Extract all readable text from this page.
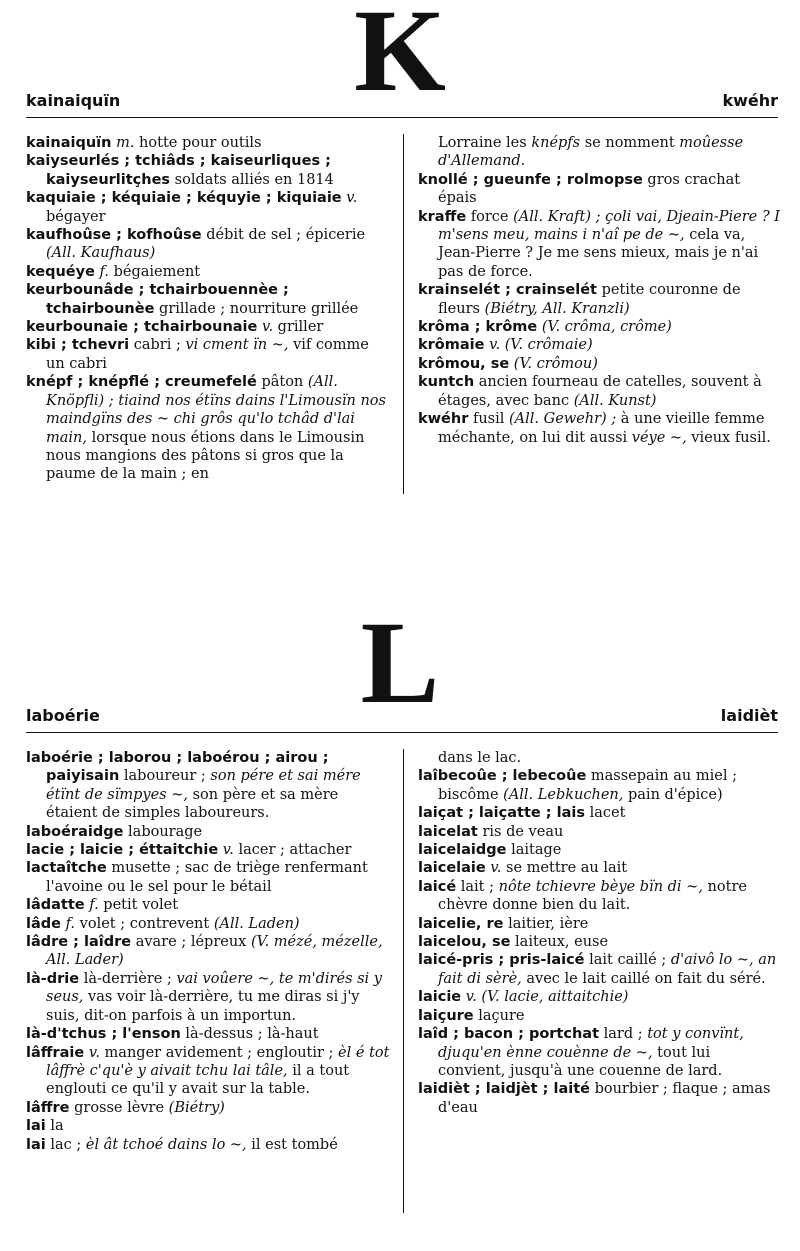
K
kainaiquïn	kwéhr

kainaiquïn m. hotte pour outils

kaiyseurlés ; tchiâds ; kaiseurliques ; kaiyseurlitçhes soldats alliés en 1814

kaquiaie ; kéquiaie ; kéquyie ; kiquiaie v. bégayer

kaufhoûse ; kofhoûse débit de sel ; épicerie (All. Kaufhaus)

kequéye f. bégaiement

keurbounâde ; tchairbouennèe ; tchairbounèe grillade ; nourriture grillée

keurbounaie ; tchairbounaie v. griller

kibi ; tchevri cabri ; vi cment ïn ~, vif comme un cabri

knépf ; knépflé ; creumefelé pâton (All. Knöpfli) ; tiaind nos étïns dains l'Limousïn nos maindgïns des ~ chi grôs qu'lo tchâd d'lai main, lorsque nous étions dans le Limousin nous mangions des pâtons si gros que la paume de la main ; en

Lorraine les knépfs se nomment moûesse d'Allemand.

knollé ; gueunfe ; rolmopse gros crachat épais

kraffe force (All. Kraft) ; çoli vai, Djeain-Piere ? I m'sens meu, mains i n'aî pe de ~, cela va, Jean-Pierre ? Je me sens mieux, mais je n'ai pas de force.

krainselét ; crainselét petite couronne de fleurs (Biétry, All. Kranzli)

krôma ; krôme (V. crôma, crôme)

krômaie v. (V. crômaie)

krômou, se (V. crômou)

kuntch ancien fourneau de catelles, souvent à étages, avec banc (All. Kunst)

kwéhr fusil (All. Gewehr) ; à une vieille femme méchante, on lui dit aussi véye ~, vieux fusil.

L
laboérie	laidièt

laboérie ; laborou ; laboérou ; airou ; paiyisain laboureur ; son pére et sai mére étïnt de sïmpyes ~, son père et sa mère étaient de simples laboureurs.

laboéraidge labourage

lacie ; laicie ; éttaitchie v. lacer ; attacher

lactaîtche musette ; sac de triège renfermant l'avoine ou le sel pour le bétail

lâdatte f. petit volet

lâde f. volet ; contrevent (All. Laden)

lâdre ; laîdre avare ; lépreux (V. mézé, mézelle, All. Lader)

là-drie là-derrière ; vai voûere ~, te m'dirés si y seus, vas voir là-derrière, tu me diras si j'y suis, dit-on parfois à un importun.

là-d'tchus ; l'enson là-dessus ; là-haut

lâffraie v. manger avidement ; engloutir ; èl é tot lâffrè c'qu'è y aivait tchu lai tâle, il a tout englouti ce qu'il y avait sur la table.

lâffre grosse lèvre (Biétry)

lai la

lai lac ; èl ât tchoé dains lo ~, il est tombé

dans le lac.

laîbecoûe ; lebecoûe massepain au miel ; biscôme (All. Lebkuchen, pain d'épice)

laiçat ; laiçatte ; lais lacet

laicelat ris de veau

laicelaidge laitage

laicelaie v. se mettre au lait

laicé lait ; nôte tchievre bèye bïn di ~, notre chèvre donne bien du lait.

laicelie, re laitier, ière

laicelou, se laiteux, euse

laicé-pris ; pris-laicé lait caillé ; d'aivô lo ~, an fait di sèrè, avec le lait caillé on fait du séré.

laicie v. (V. lacie, aittaitchie)

laiçure laçure

laîd ; bacon ; portchat lard ; tot y convïnt, djuqu'en ènne couènne de ~, tout lui convient, jusqu'à une couenne de lard.

laidièt ; laidjèt ; laité bourbier ; flaque ; amas d'eau
